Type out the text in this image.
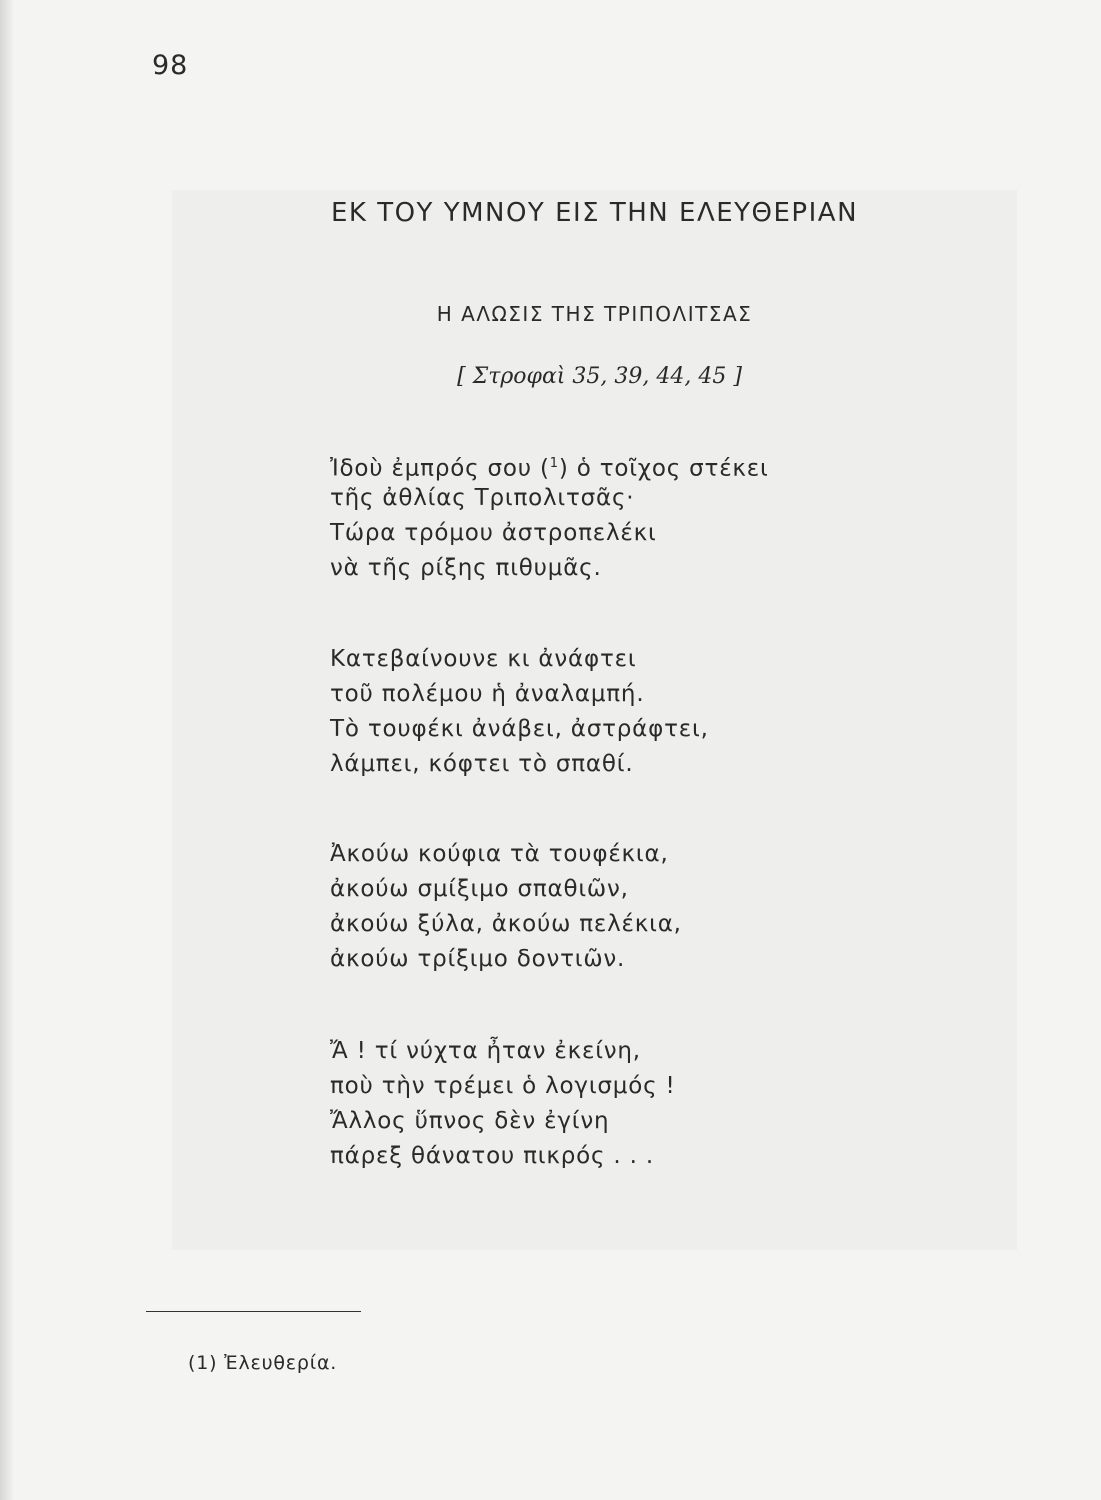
98
ΕΚ ΤΟΥ ΥΜΝΟΥ ΕΙΣ ΤΗΝ ΕΛΕΥΘΕΡΙΑΝ
Η ΑΛΩΣΙΣ ΤΗΣ ΤΡΙΠΟΛΙΤΣΑΣ
[ Στροφαὶ 35, 39, 44, 45 ]
Ἰδοὺ ἐμπρός σου ($^1$) ὁ τοῖχος στέκει
τῆς ἀθλίας Τριπολιτσᾶς·
Τώρα τρόμου ἀστροπελέκι
νὰ τῆς ρίξης πιθυμᾶς.
Κατεβαίνουνε κι ἀνάφτει
τοῦ πολέμου ἡ ἀναλαμπή.
Τὸ τουφέκι ἀνάβει, ἀστράφτει,
λάμπει, κόφτει τὸ σπαθί.
Ἀκούω κούφια τὰ τουφέκια,
ἀκούω σμίξιμο σπαθιῶν,
ἀκούω ξύλα, ἀκούω πελέκια,
ἀκούω τρίξιμο δοντιῶν.
Ἄ ! τί νύχτα ἦταν ἐκείνη,
ποὺ τὴν τρέμει ὁ λογισμός !
Ἄλλος ὕπνος δὲν ἐγίνη
πάρεξ θάνατου πικρός . . .
(1) Ἐλευθερία.
